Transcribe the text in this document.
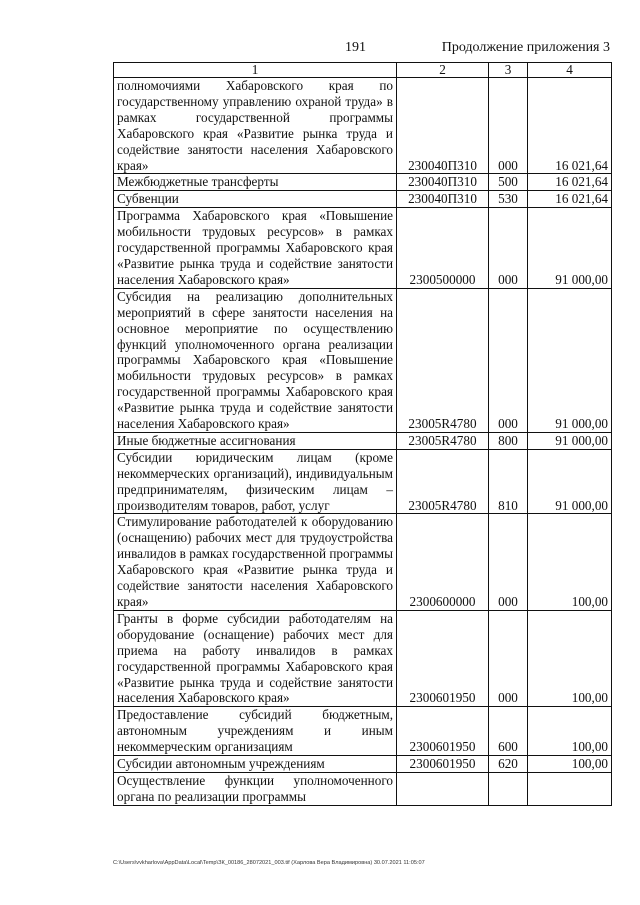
191	Продолжение приложения 3
1	2	3	4
полномочиями Хабаровского края по государственному управлению охраной труда» в рамках государственной программы Хабаровского края «Развитие рынка труда и содействие занятости населения Хабаровского края»	230040П310	000	16 021,64
Межбюджетные трансферты	230040П310	500	16 021,64
Субвенции	230040П310	530	16 021,64
Программа Хабаровского края «Повышение мобильности трудовых ресурсов» в рамках государственной программы Хабаровского края «Развитие рынка труда и содействие занятости населения Хабаровского края»	2300500000	000	91 000,00
Субсидия на реализацию дополнительных мероприятий в сфере занятости населения на основное мероприятие по осуществлению функций уполномоченного органа реализации программы Хабаровского края «Повышение мобильности трудовых ресурсов» в рамках государственной программы Хабаровского края «Развитие рынка труда и содействие занятости населения Хабаровского края»	23005R4780	000	91 000,00
Иные бюджетные ассигнования	23005R4780	800	91 000,00
Субсидии юридическим лицам (кроме некоммерческих организаций), индивидуальным предпринимателям, физическим лицам – производителям товаров, работ, услуг	23005R4780	810	91 000,00
Стимулирование работодателей к оборудованию (оснащению) рабочих мест для трудоустройства инвалидов в рамках государственной программы Хабаровского края «Развитие рынка труда и содействие занятости населения Хабаровского края»	2300600000	000	100,00
Гранты в форме субсидии работодателям на оборудование (оснащение) рабочих мест для приема на работу инвалидов в рамках государственной программы Хабаровского края «Развитие рынка труда и содействие занятости населения Хабаровского края»	2300601950	000	100,00
Предоставление субсидий бюджетным, автономным учреждениям и иным некоммерческим организациям	2300601950	600	100,00
Субсидии автономным учреждениям	2300601950	620	100,00
Осуществление функции уполномоченного органа по реализации программы			
C:\Users\vvkharlova\AppData\Local\Temp\ЗК_00186_28072021_003.tif (Харлова Вера Владимировна) 30.07.2021 11:05:07
